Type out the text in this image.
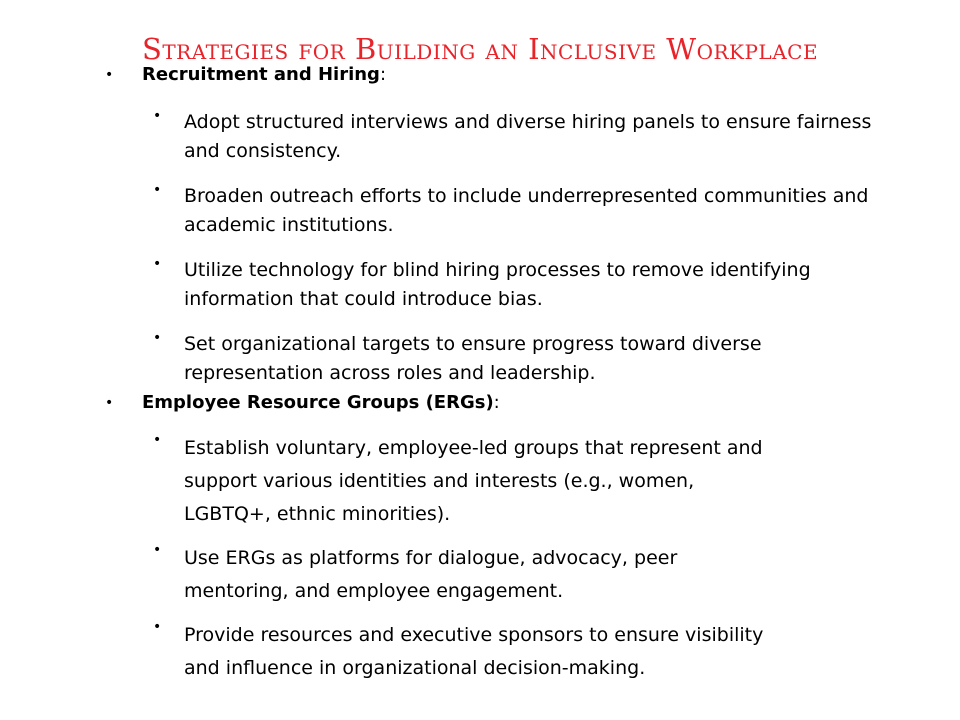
Strategies for Building an Inclusive Workplace
• Recruitment and Hiring:
• Adopt structured interviews and diverse hiring panels to ensure fairness and consistency.
• Broaden outreach efforts to include underrepresented communities and academic institutions.
• Utilize technology for blind hiring processes to remove identifying information that could introduce bias.
• Set organizational targets to ensure progress toward diverse representation across roles and leadership.
• Employee Resource Groups (ERGs):
• Establish voluntary, employee-led groups that represent and support various identities and interests (e.g., women, LGBTQ+, ethnic minorities).
• Use ERGs as platforms for dialogue, advocacy, peer mentoring, and employee engagement.
• Provide resources and executive sponsors to ensure visibility and influence in organizational decision-making.
